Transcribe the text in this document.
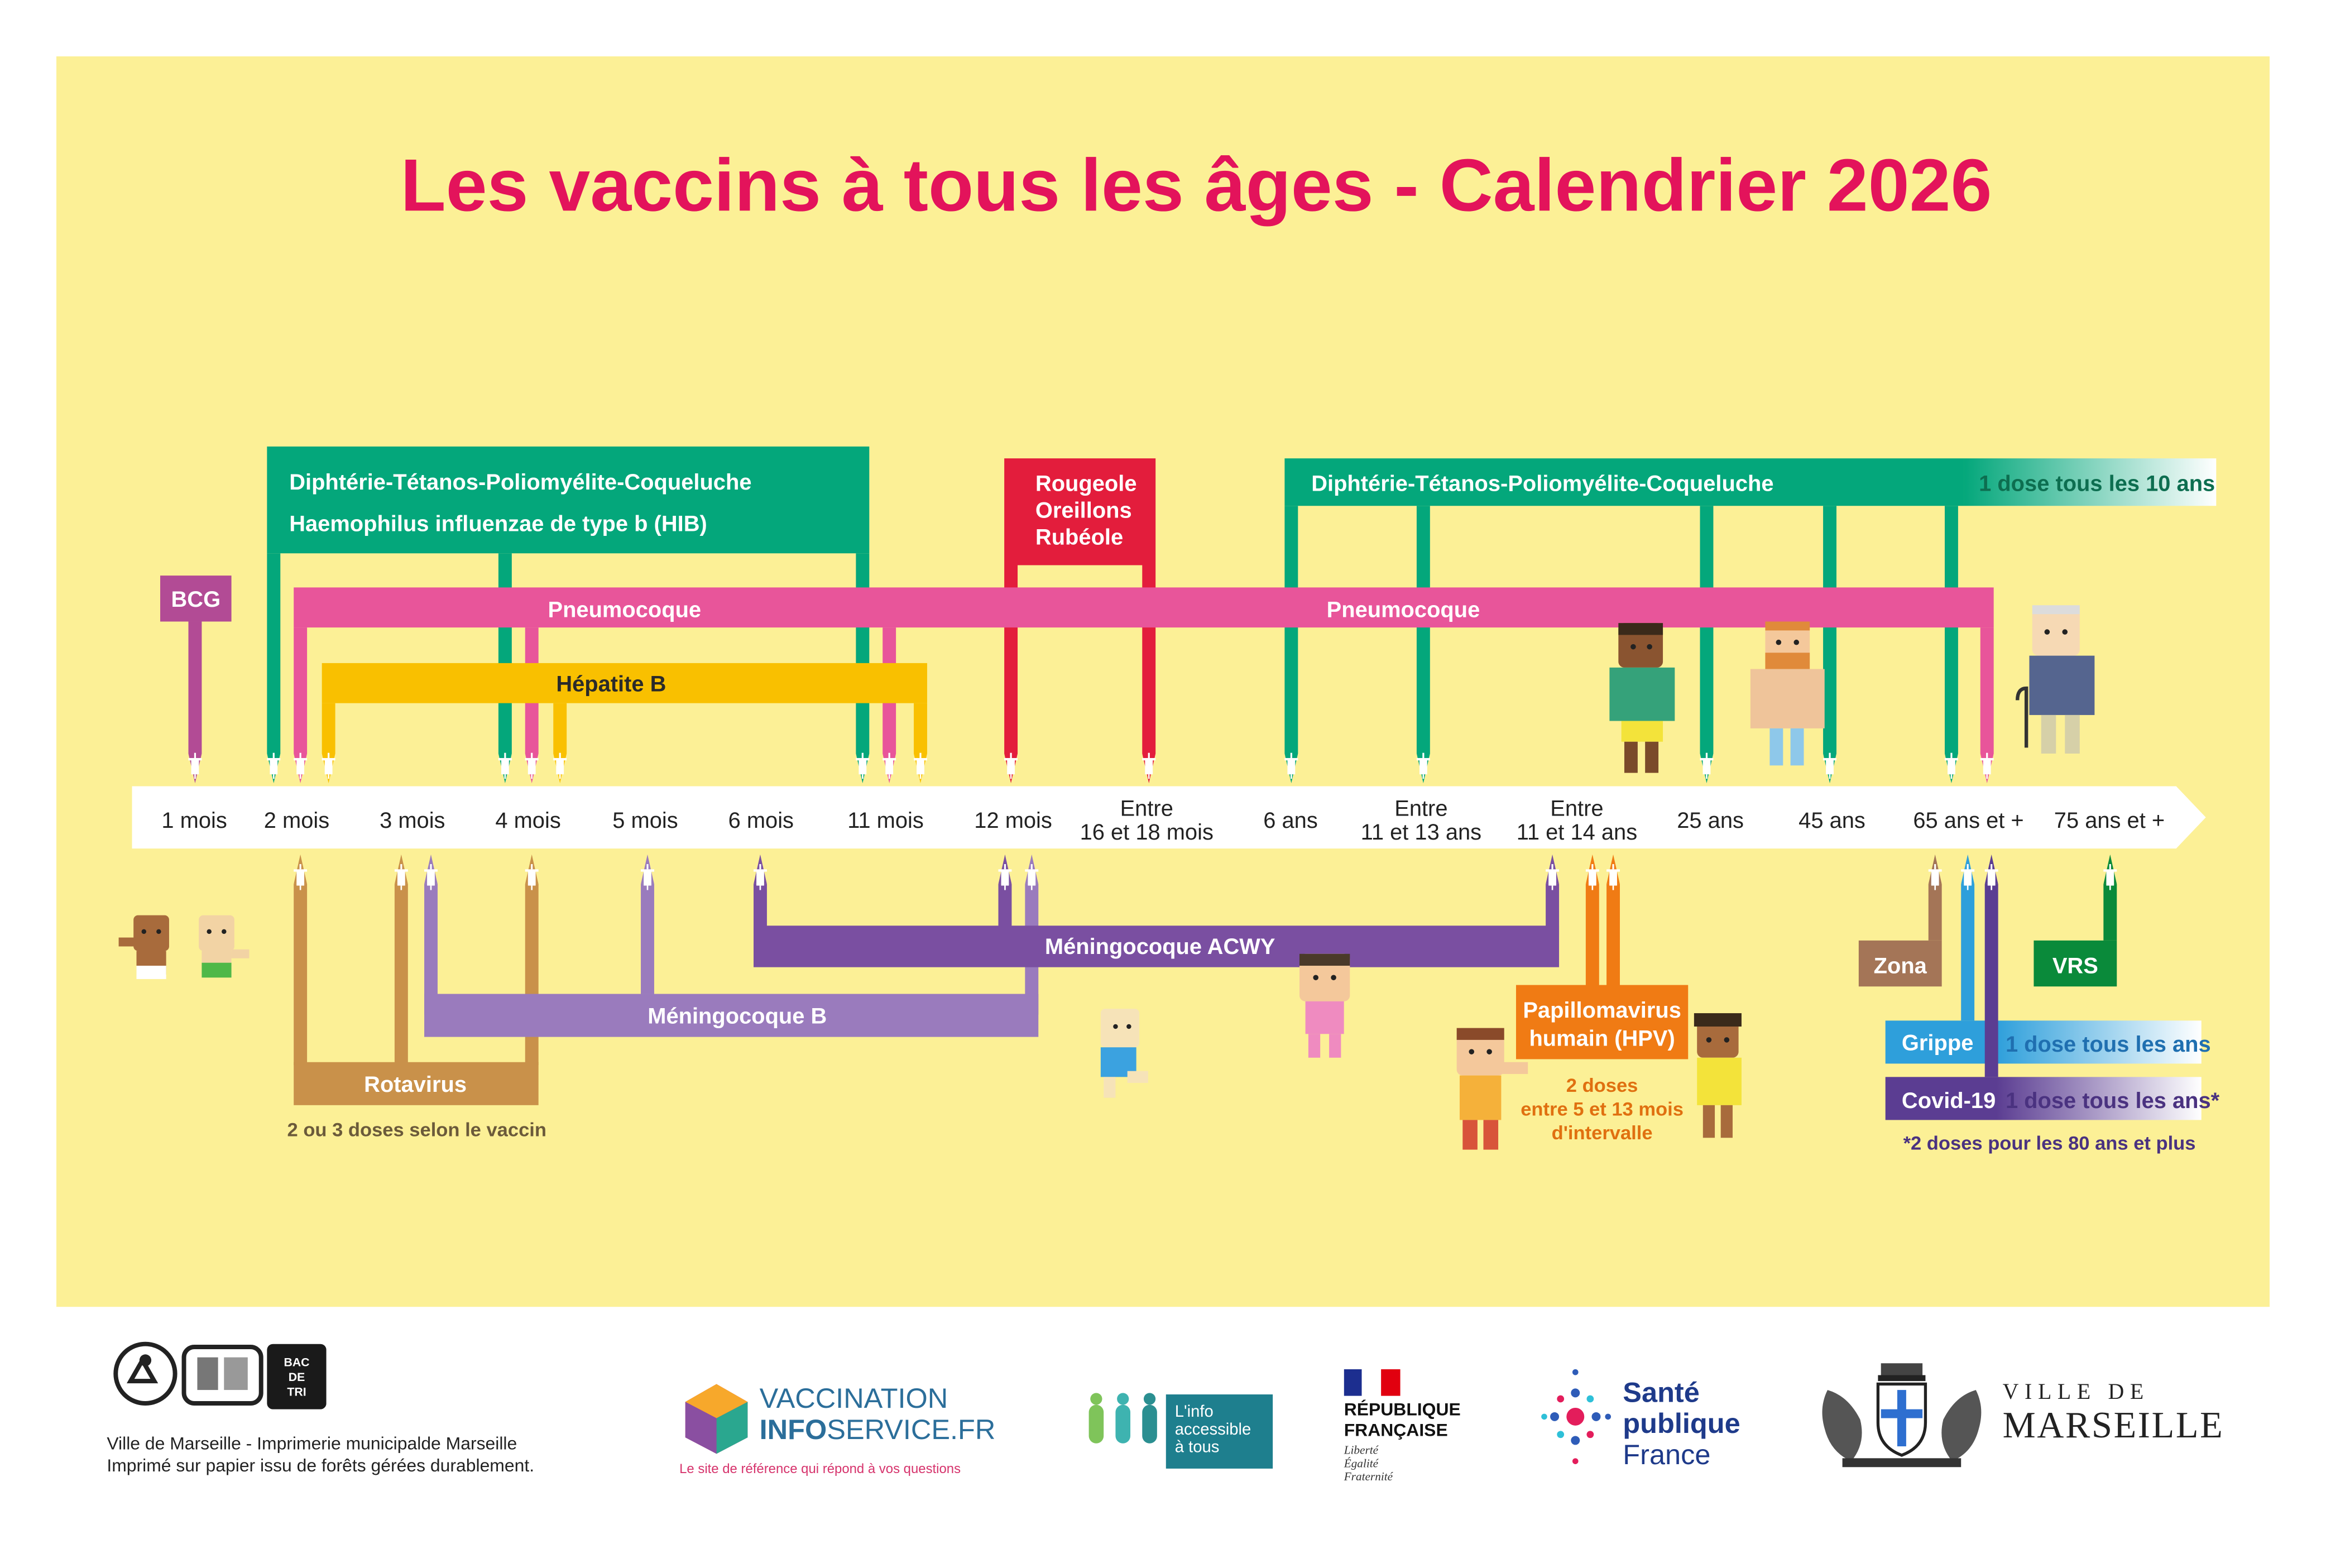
Les vaccins à tous les âges - Calendrier 2026
1 mois	2 mois	3 mois	4 mois	5 mois	6 mois	11 mois	12 mois	Entre
16 et 18 mois	6 ans	Entre
11 et 13 ans
Entre
11 et 14 ans	25 ans	45 ans	65 ans et +	75 ans et +
BCG
Diphtérie-Tétanos-Poliomyélite-Coqueluche
Haemophilus influenzae de type b (HIB)
Rougeole
Oreillons
Rubéole
Diphtérie-Tétanos-Poliomyélite-Coqueluche	1 dose tous les 10 ans
Pneumocoque	Pneumocoque
Hépatite B
Rotavirus
2 ou 3 doses selon le vaccin
Méningocoque B
Méningocoque ACWY
Papillomavirus
humain (HPV)
2 doses
entre 5 et 13 mois
d'intervalle
Zona
Grippe	1 dose tous les ans
Covid-19 1 dose tous les ans*
*2 doses pour les 80 ans et plus
VRS
BAC
DE
TRI
Ville de Marseille - Imprimerie municipalde Marseille
Imprimé sur papier issu de forêts gérées durablement.
VACCINATION
INFOSERVICE.FR
Le site de référence qui répond à vos questions
L'info
accessible
à tous
RÉPUBLIQUE
FRANÇAISE
Liberté
Égalité
Fraternité
Santé
publique
France
VILLE DE
MARSEILLE
